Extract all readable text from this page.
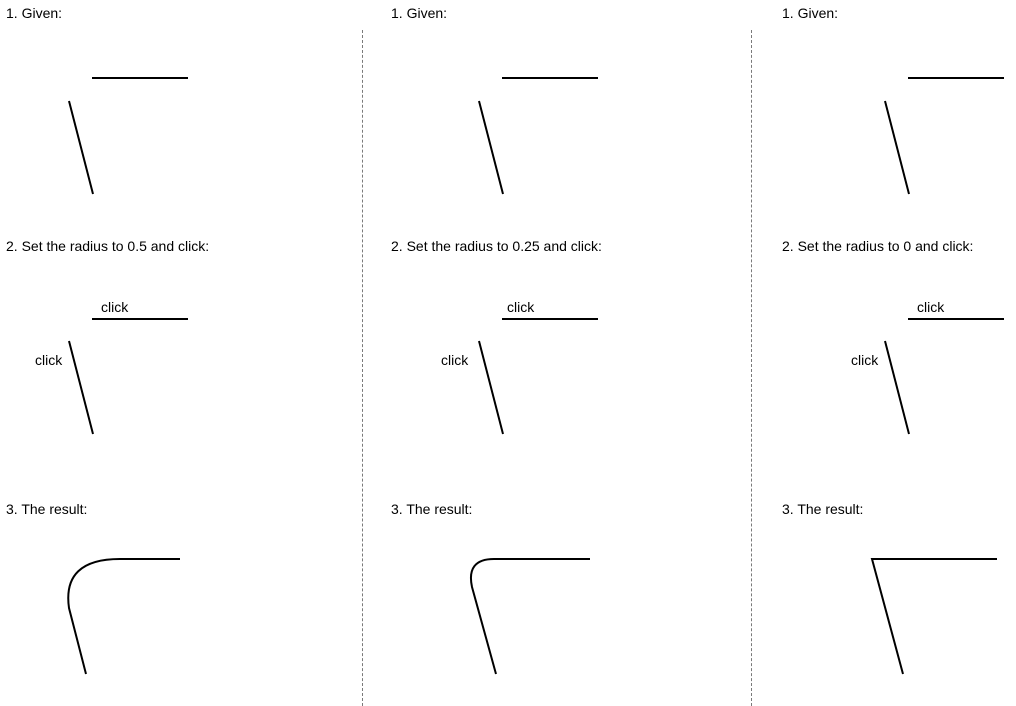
1. Given:
2. Set the radius to 0.5 and click:
click
click
3. The result:
1. Given:
2. Set the radius to 0.25 and click:
click
click
3. The result:
1. Given:
2. Set the radius to 0 and click:
click
click
3. The result:
